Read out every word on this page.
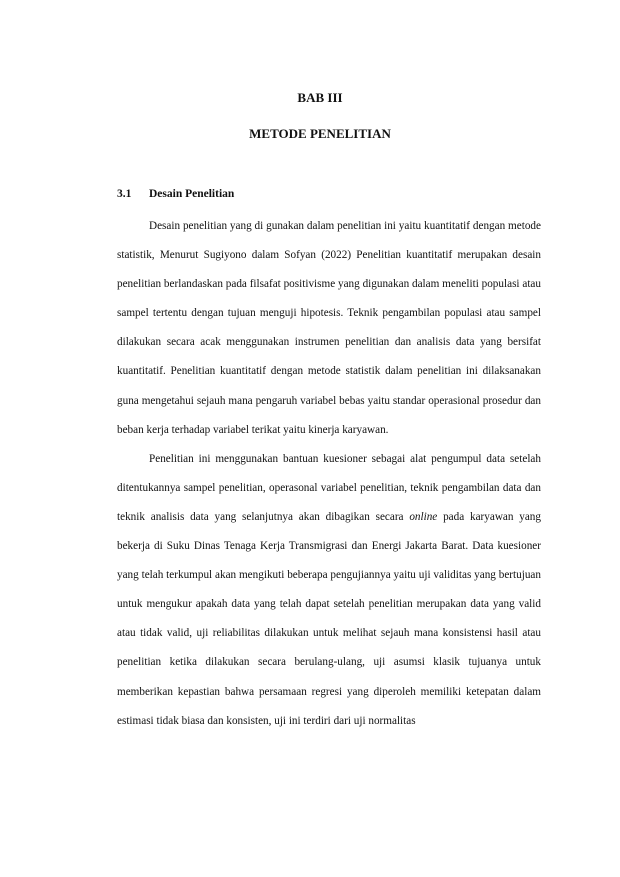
BAB III
METODE PENELITIAN
3.1 Desain Penelitian

Desain penelitian yang di gunakan dalam penelitian ini yaitu kuantitatif dengan metode statistik, Menurut Sugiyono dalam Sofyan (2022) Penelitian kuantitatif merupakan desain penelitian berlandaskan pada filsafat positivisme yang digunakan dalam meneliti populasi atau sampel tertentu dengan tujuan menguji hipotesis. Teknik pengambilan populasi atau sampel dilakukan secara acak menggunakan instrumen penelitian dan analisis data yang bersifat kuantitatif. Penelitian kuantitatif dengan metode statistik dalam penelitian ini dilaksanakan guna mengetahui sejauh mana pengaruh variabel bebas yaitu standar operasional prosedur dan beban kerja terhadap variabel terikat yaitu kinerja karyawan.

Penelitian ini menggunakan bantuan kuesioner sebagai alat pengumpul data setelah ditentukannya sampel penelitian, operasonal variabel penelitian, teknik pengambilan data dan teknik analisis data yang selanjutnya akan dibagikan secara online pada karyawan yang bekerja di Suku Dinas Tenaga Kerja Transmigrasi dan Energi Jakarta Barat. Data kuesioner yang telah terkumpul akan mengikuti beberapa pengujiannya yaitu uji validitas yang bertujuan untuk mengukur apakah data yang telah dapat setelah penelitian merupakan data yang valid atau tidak valid, uji reliabilitas dilakukan untuk melihat sejauh mana konsistensi hasil atau penelitian ketika dilakukan secara berulang-ulang, uji asumsi klasik tujuanya untuk memberikan kepastian bahwa persamaan regresi yang diperoleh memiliki ketepatan dalam estimasi tidak biasa dan konsisten, uji ini terdiri dari uji normalitas
